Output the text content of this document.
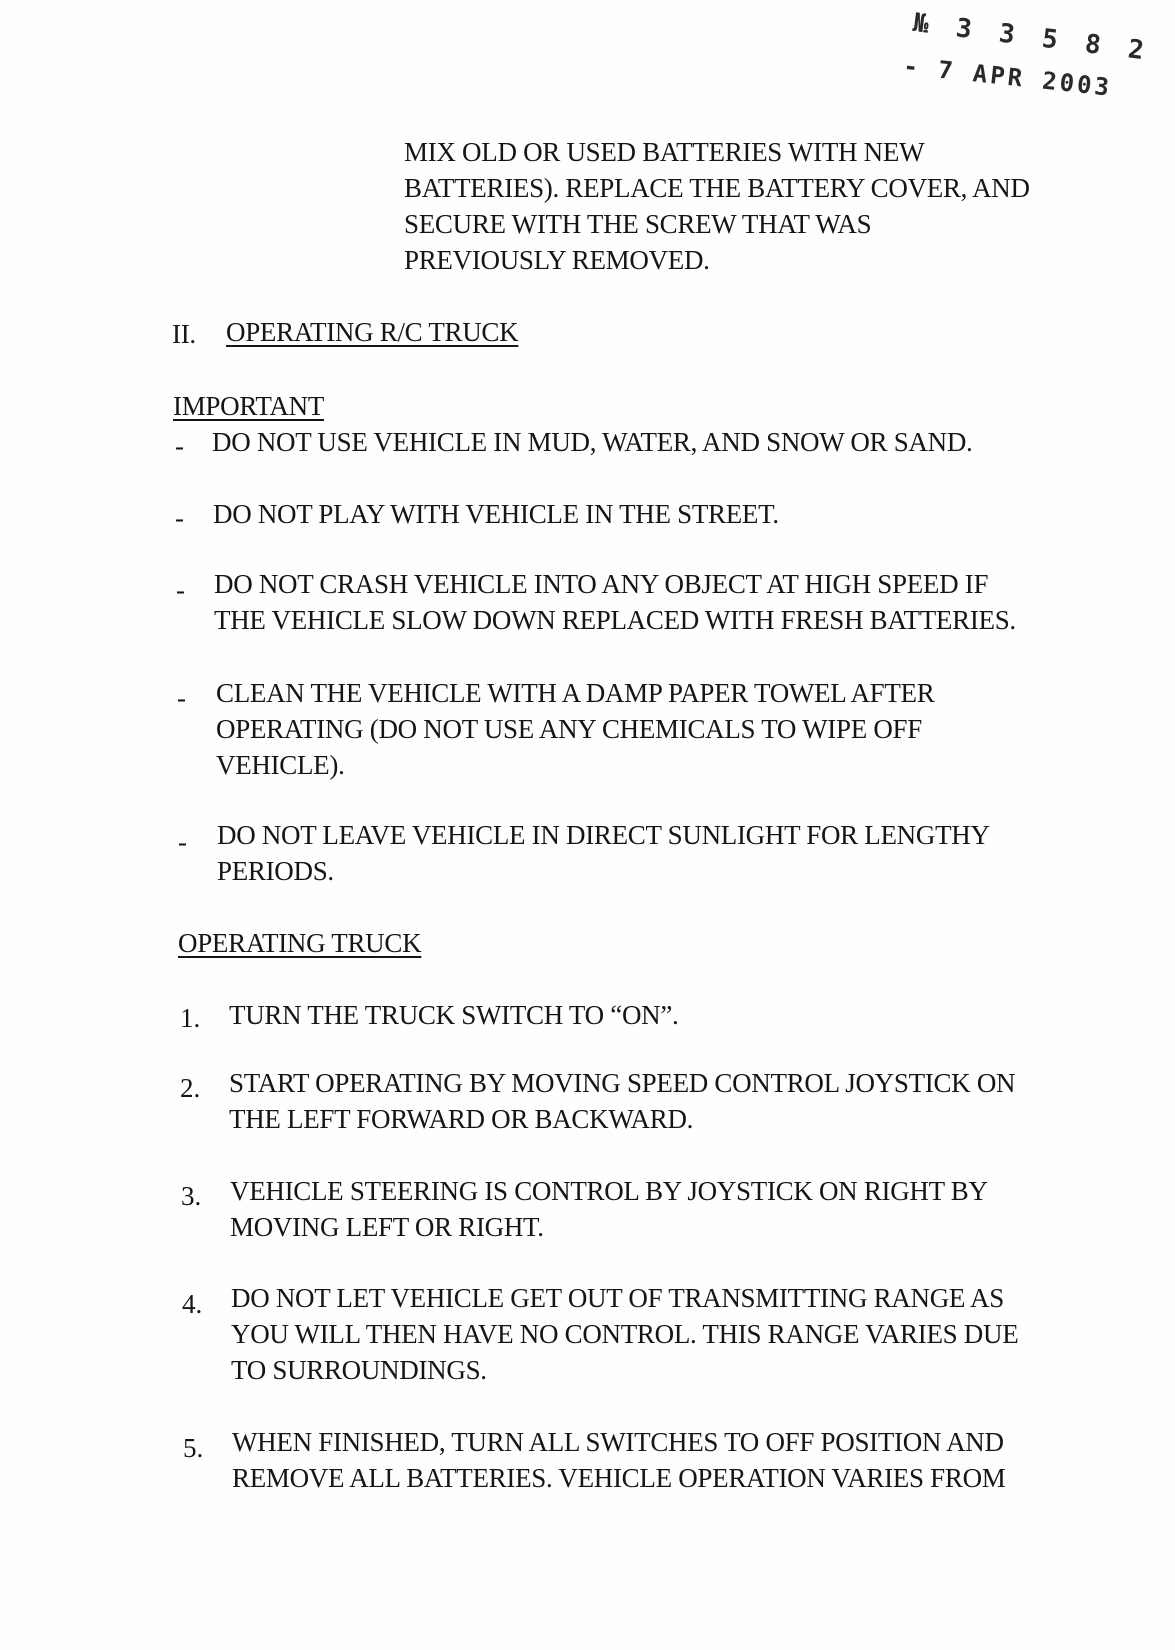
№ 3 3 5 8 2
- 7 APR 2003
MIX OLD OR USED BATTERIES WITH NEW
BATTERIES). REPLACE THE BATTERY COVER, AND
SECURE WITH THE SCREW THAT WAS
PREVIOUSLY REMOVED.
II. OPERATING R/C TRUCK
IMPORTANT
- DO NOT USE VEHICLE IN MUD, WATER, AND SNOW OR SAND.
- DO NOT PLAY WITH VEHICLE IN THE STREET.
- DO NOT CRASH VEHICLE INTO ANY OBJECT AT HIGH SPEED IF
THE VEHICLE SLOW DOWN REPLACED WITH FRESH BATTERIES.
- CLEAN THE VEHICLE WITH A DAMP PAPER TOWEL AFTER
OPERATING (DO NOT USE ANY CHEMICALS TO WIPE OFF
VEHICLE).
- DO NOT LEAVE VEHICLE IN DIRECT SUNLIGHT FOR LENGTHY
PERIODS.
OPERATING TRUCK
1. TURN THE TRUCK SWITCH TO “ON”.
2. START OPERATING BY MOVING SPEED CONTROL JOYSTICK ON
THE LEFT FORWARD OR BACKWARD.
3. VEHICLE STEERING IS CONTROL BY JOYSTICK ON RIGHT BY
MOVING LEFT OR RIGHT.
4. DO NOT LET VEHICLE GET OUT OF TRANSMITTING RANGE AS
YOU WILL THEN HAVE NO CONTROL. THIS RANGE VARIES DUE
TO SURROUNDINGS.
5. WHEN FINISHED, TURN ALL SWITCHES TO OFF POSITION AND
REMOVE ALL BATTERIES. VEHICLE OPERATION VARIES FROM
